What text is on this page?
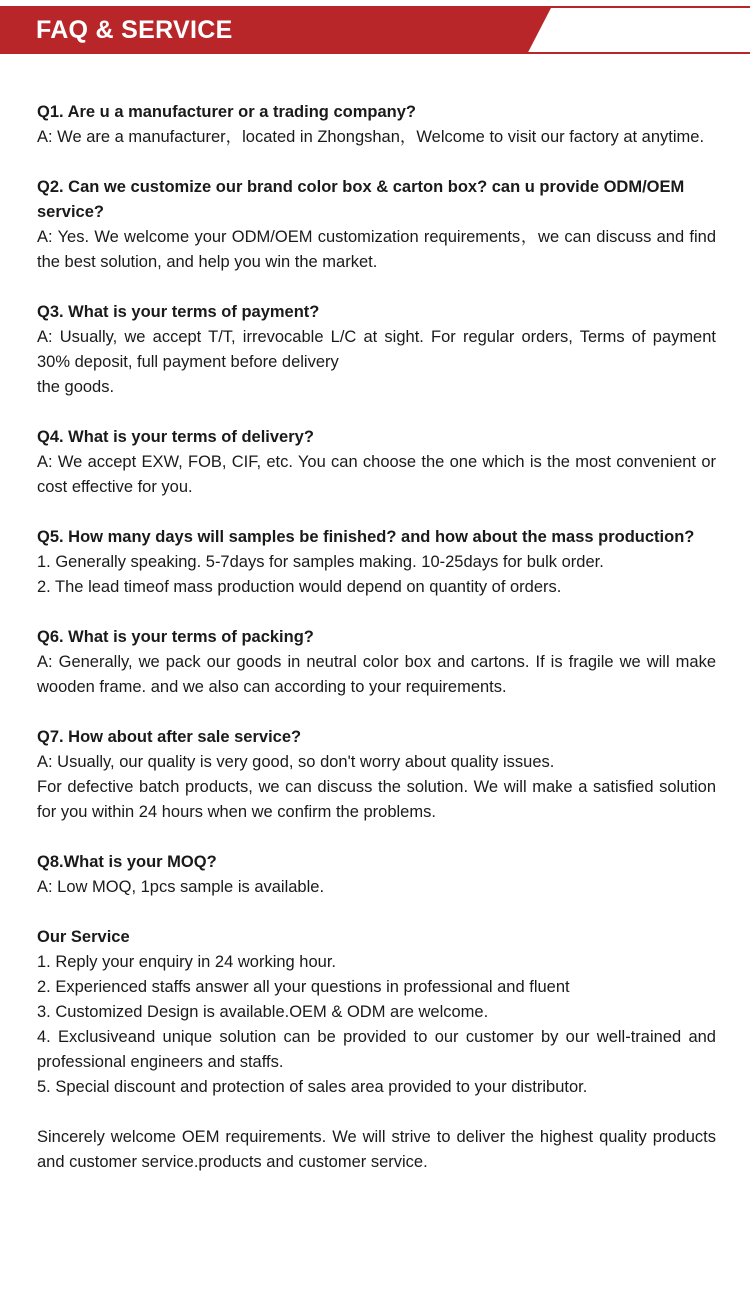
FAQ & SERVICE

Q1. Are u a manufacturer or a trading company?

A: We are a manufacturer，located in Zhongshan，Welcome to visit our factory at anytime.

Q2. Can we customize our brand color box & carton box? can u provide ODM/OEM service?

A: Yes. We welcome your ODM/OEM customization requirements，we can discuss and find the best solution, and help you win the market.

Q3. What is your terms of payment?

A: Usually, we accept T/T, irrevocable L/C at sight. For regular orders, Terms of payment 30% deposit, full payment before delivery

the goods.

Q4. What is your terms of delivery?

A: We accept EXW, FOB, CIF, etc. You can choose the one which is the most convenient or cost effective for you.

Q5. How many days will samples be finished? and how about the mass production?

1. Generally speaking. 5-7days for samples making. 10-25days for bulk order.

2. The lead timeof mass production would depend on quantity of orders.

Q6. What is your terms of packing?

A: Generally, we pack our goods in neutral color box and cartons. If is fragile we will make wooden frame. and we also can according to your requirements.

Q7. How about after sale service?

A: Usually, our quality is very good, so don't worry about quality issues.

For defective batch products, we can discuss the solution. We will make a satisfied solution for you within 24 hours when we confirm the problems.

Q8.What is your MOQ?

A: Low MOQ, 1pcs sample is available.

Our Service

1. Reply your enquiry in 24 working hour.

2. Experienced staffs answer all your questions in professional and fluent

3. Customized Design is available.OEM & ODM are welcome.

4. Exclusiveand unique solution can be provided to our customer by our well-trained and professional engineers and staffs.

5. Special discount and protection of sales area provided to your distributor.

Sincerely welcome OEM requirements. We will strive to deliver the highest quality products and customer service.products and customer service.
